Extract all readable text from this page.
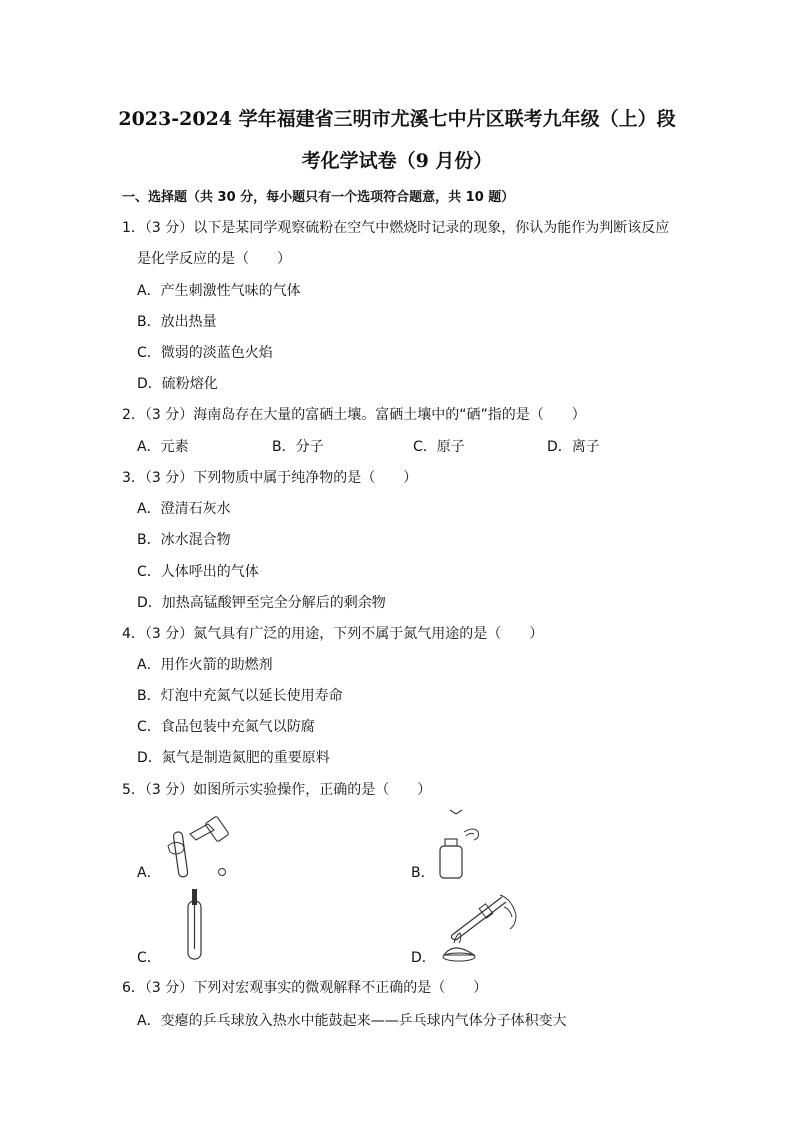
2023-2024 学年福建省三明市尤溪七中片区联考九年级（上）段
考化学试卷（9 月份）
一、选择题（共 30 分，每小题只有一个选项符合题意，共 10 题）
1．（3 分）以下是某同学观察硫粉在空气中燃烧时记录的现象，你认为能作为判断该反应
是化学反应的是（　　）
A．产生刺激性气味的气体
B．放出热量
C．微弱的淡蓝色火焰
D．硫粉熔化
2．（3 分）海南岛存在大量的富硒土壤。富硒土壤中的“硒”指的是（　　）
A．元素	B．分子	C．原子	D．离子
3．（3 分）下列物质中属于纯净物的是（　　）
A．澄清石灰水
B．冰水混合物
C．人体呼出的气体
D．加热高锰酸钾至完全分解后的剩余物
4．（3 分）氮气具有广泛的用途，下列不属于氮气用途的是（　　）
A．用作火箭的助燃剂
B．灯泡中充氮气以延长使用寿命
C．食品包装中充氮气以防腐
D．氮气是制造氮肥的重要原料
5．（3 分）如图所示实验操作，正确的是（　　）
A．	B．
C．	D．
6．（3 分）下列对宏观事实的微观解释不正确的是（　　）
A．变瘪的乒乓球放入热水中能鼓起来——乒乓球内气体分子体积变大
